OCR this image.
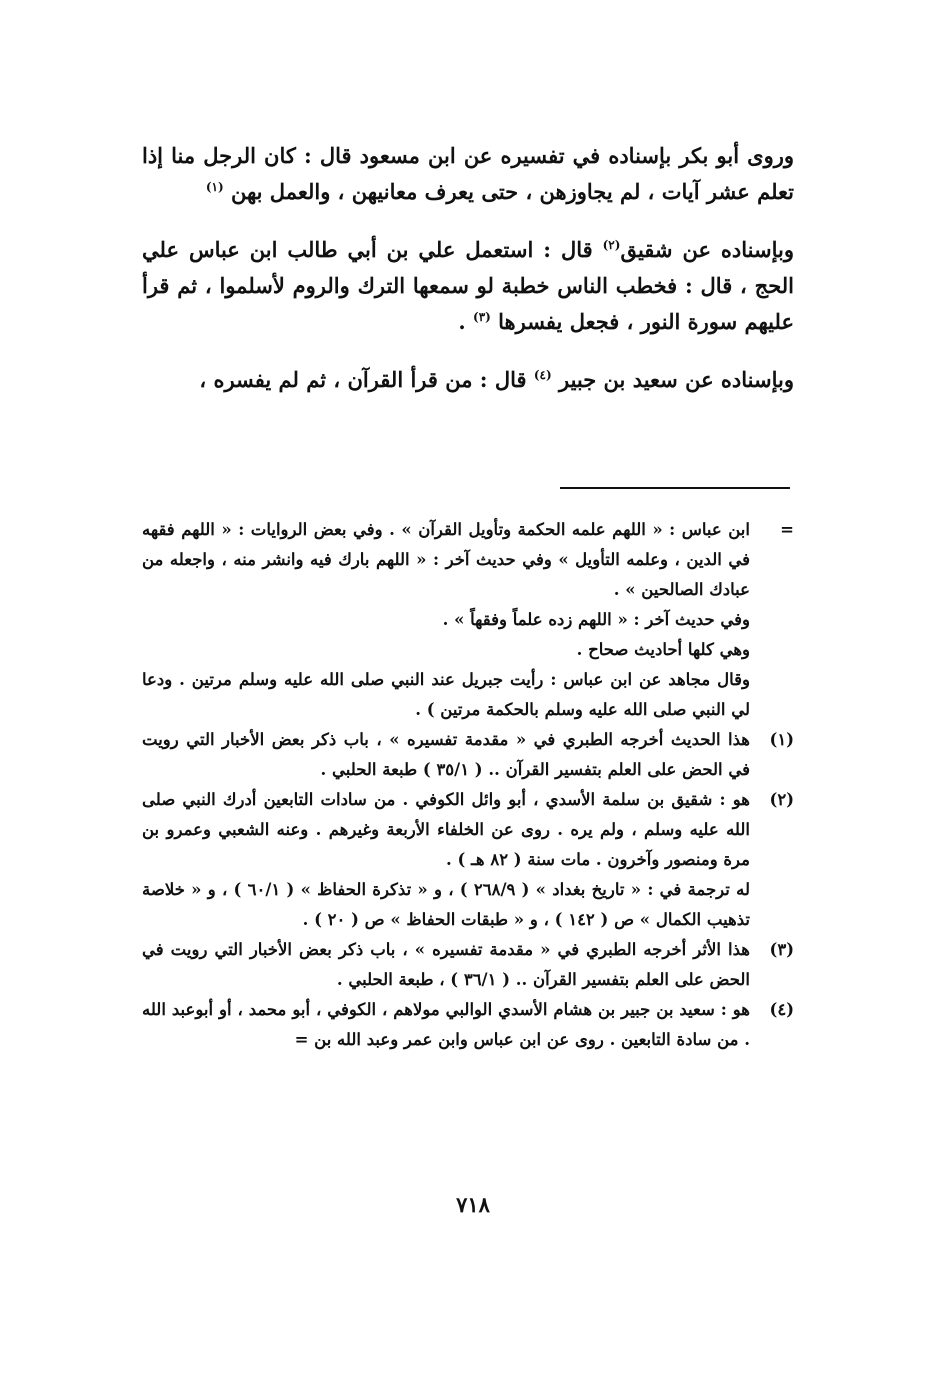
وروى أبو بكر بإسناده في تفسيره عن ابن مسعود قال : كان الرجل منا إذا تعلم عشر آيات ، لم يجاوزهن ، حتى يعرف معانيهن ، والعمل بهن $^{(١)}$

وبإسناده عن شقيق$^{(٢)}$ قال : استعمل علي بن أبي طالب ابن عباس علي الحج ، قال : فخطب الناس خطبة لو سمعها الترك والروم لأسلموا ، ثم قرأ عليهم سورة النور ، فجعل يفسرها $^{(٣)}$ .

وبإسناده عن سعيد بن جبير $^{(٤)}$ قال : من قرأ القرآن ، ثم لم يفسره ،

=
ابن عباس : « اللهم علمه الحكمة وتأويل القرآن » . وفي بعض الروايات : « اللهم فقهه في الدين ، وعلمه التأويل » وفي حديث آخر : « اللهم بارك فيه وانشر منه ، واجعله من عبادك الصالحين » .
وفي حديث آخر : « اللهم زده علماً وفقهاً » .
وهي كلها أحاديث صحاح .
وقال مجاهد عن ابن عباس : رأيت جبريل عند النبي صلى الله عليه وسلم مرتين . ودعا لي النبي صلى الله عليه وسلم بالحكمة مرتين ) .
(١)
هذا الحديث أخرجه الطبري في « مقدمة تفسيره » ، باب ذكر بعض الأخبار التي رويت في الحض على العلم بتفسير القرآن .. ( ٣٥/١ ) طبعة الحلبي .
(٢)
هو : شقيق بن سلمة الأسدي ، أبو وائل الكوفي . من سادات التابعين أدرك النبي صلى الله عليه وسلم ، ولم يره . روى عن الخلفاء الأربعة وغيرهم . وعنه الشعبي وعمرو بن مرة ومنصور وآخرون . مات سنة ( ٨٢ هـ ) .
له ترجمة في : « تاريخ بغداد » ( ٢٦٨/٩ ) ، و « تذكرة الحفاظ » ( ٦٠/١ ) ، و « خلاصة تذهيب الكمال » ص ( ١٤٢ ) ، و « طبقات الحفاظ » ص ( ٢٠ ) .
(٣)
هذا الأثر أخرجه الطبري في « مقدمة تفسيره » ، باب ذكر بعض الأخبار التي رويت في الحض على العلم بتفسير القرآن .. ( ٣٦/١ ) ، طبعة الحلبي .
(٤)
هو : سعيد بن جبير بن هشام الأسدي الوالبي مولاهم ، الكوفي ، أبو محمد ، أو أبوعبد الله . من سادة التابعين . روى عن ابن عباس وابن عمر وعبد الله بن =
٧١٨
